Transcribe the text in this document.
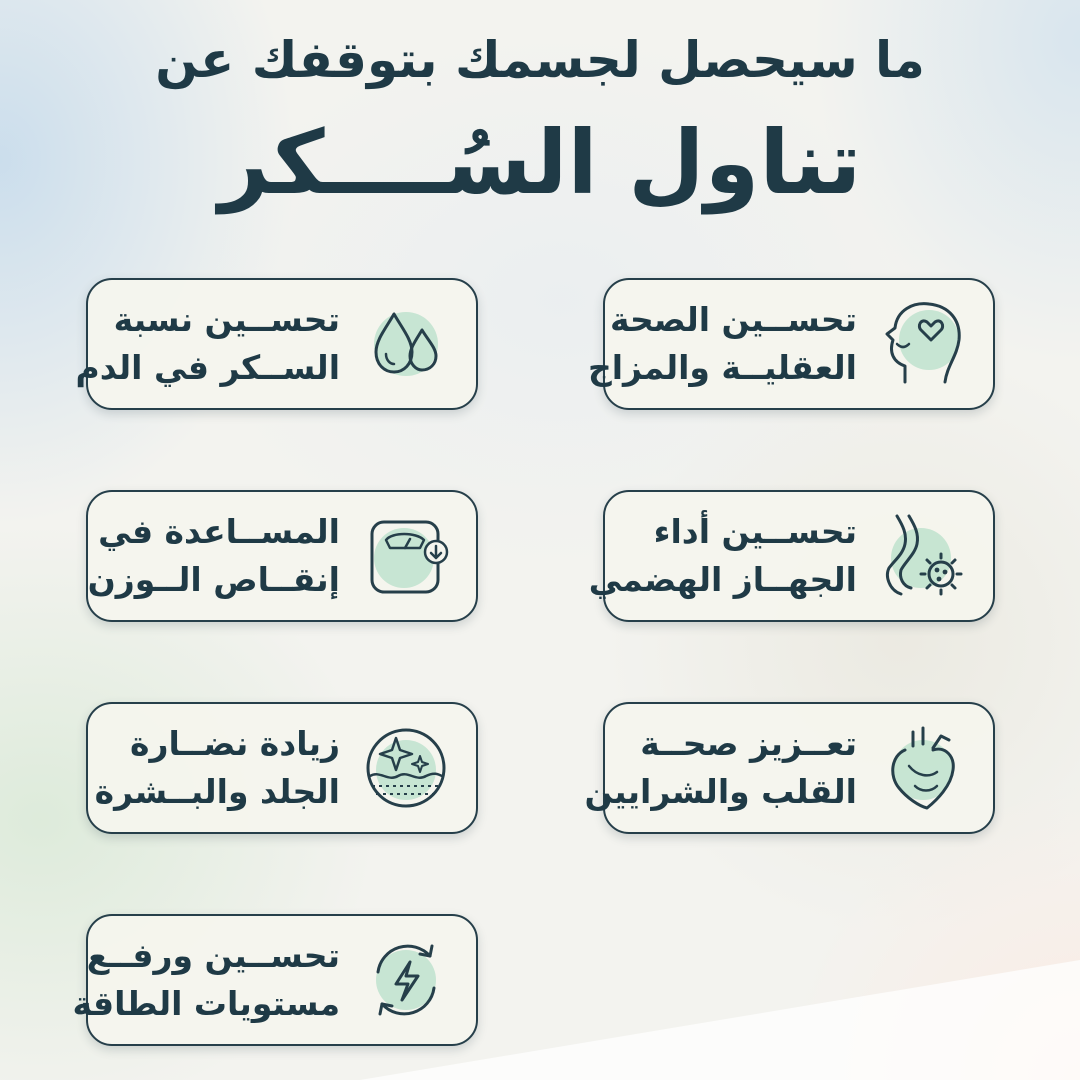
ما سيحصل لجسمك بتوقفك عن

تناول السُــــكر
تحســين الصحة
العقليــة والمزاج
تحســين نسبة
الســكر في الدم
تحســين أداء
الجهــاز الهضمي
المســاعدة في
إنقــاص الــوزن
تعــزيز صحــة
القلب والشرايين
زيادة نضــارة
الجلد والبــشرة
تحســين ورفــع
مستويات الطاقة
